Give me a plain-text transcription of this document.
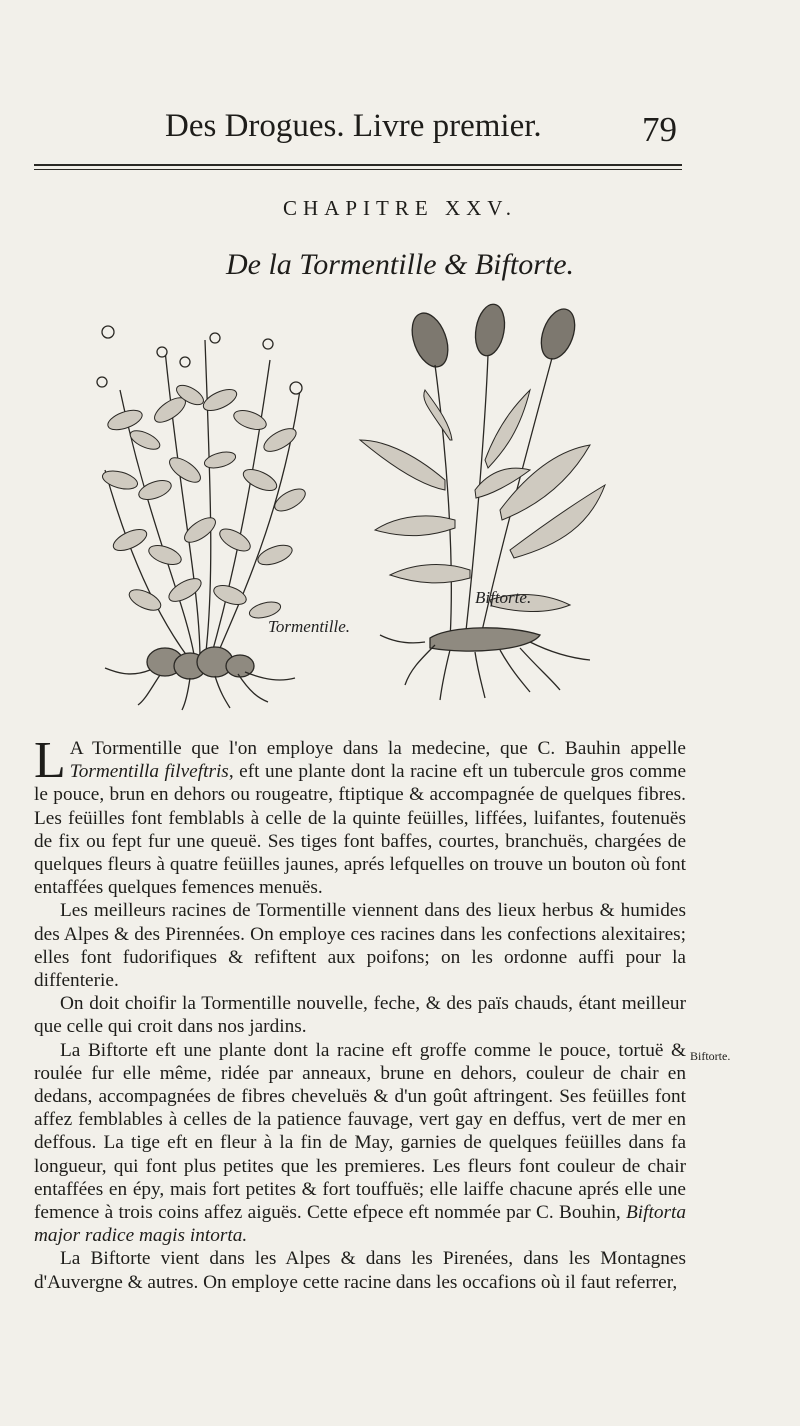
Des Drogues. Livre premier.	79
CHAPITRE XXV.
De la Tormentille & Biftorte.
Tormentille.
Biftorte.

L A Tormentille que l'on employe dans la medecine, que C. Bauhin appelle Tormentilla filveftris, eft une plante dont la racine eft un tubercule gros comme le pouce, brun en dehors ou rougeatre, ftiptique & accompagnée de quelques fibres. Les feüilles font femblabls à celle de la quinte feüilles, liffées, luifantes, foutenuës de fix ou fept fur une queuë. Ses tiges font baffes, courtes, branchuës, chargées de quelques fleurs à quatre feüilles jaunes, aprés lefquelles on trouve un bouton où font entaffées quelques femences menuës.

Les meilleurs racines de Tormentille viennent dans des lieux herbus & humides des Alpes & des Pirennées. On employe ces racines dans les confections alexitaires; elles font fudorifiques & refiftent aux poifons; on les ordonne auffi pour la diffenterie.

On doit choifir la Tormentille nouvelle, feche, & des païs chauds, étant meilleur que celle qui croit dans nos jardins.

La Biftorte eft une plante dont la racine eft groffe comme le pouce, tortuë & roulée fur elle même, ridée par anneaux, brune en dehors, couleur de chair en dedans, accompagnées de fibres cheveluës & d'un goût aftringent. Ses feüilles font affez femblables à celles de la patience fauvage, vert gay en deffus, vert de mer en deffous. La tige eft en fleur à la fin de May, garnies de quelques feüilles dans fa longueur, qui font plus petites que les premieres. Les fleurs font couleur de chair entaffées en épy, mais fort petites & fort touffuës; elle laiffe chacune aprés elle une femence à trois coins affez aiguës. Cette efpece eft nommée par C. Bouhin, Biftorta major radice magis intorta.

La Biftorte vient dans les Alpes & dans les Pirenées, dans les Montagnes d'Auvergne & autres. On employe cette racine dans les occafions où il faut referrer,

Biftorte.
